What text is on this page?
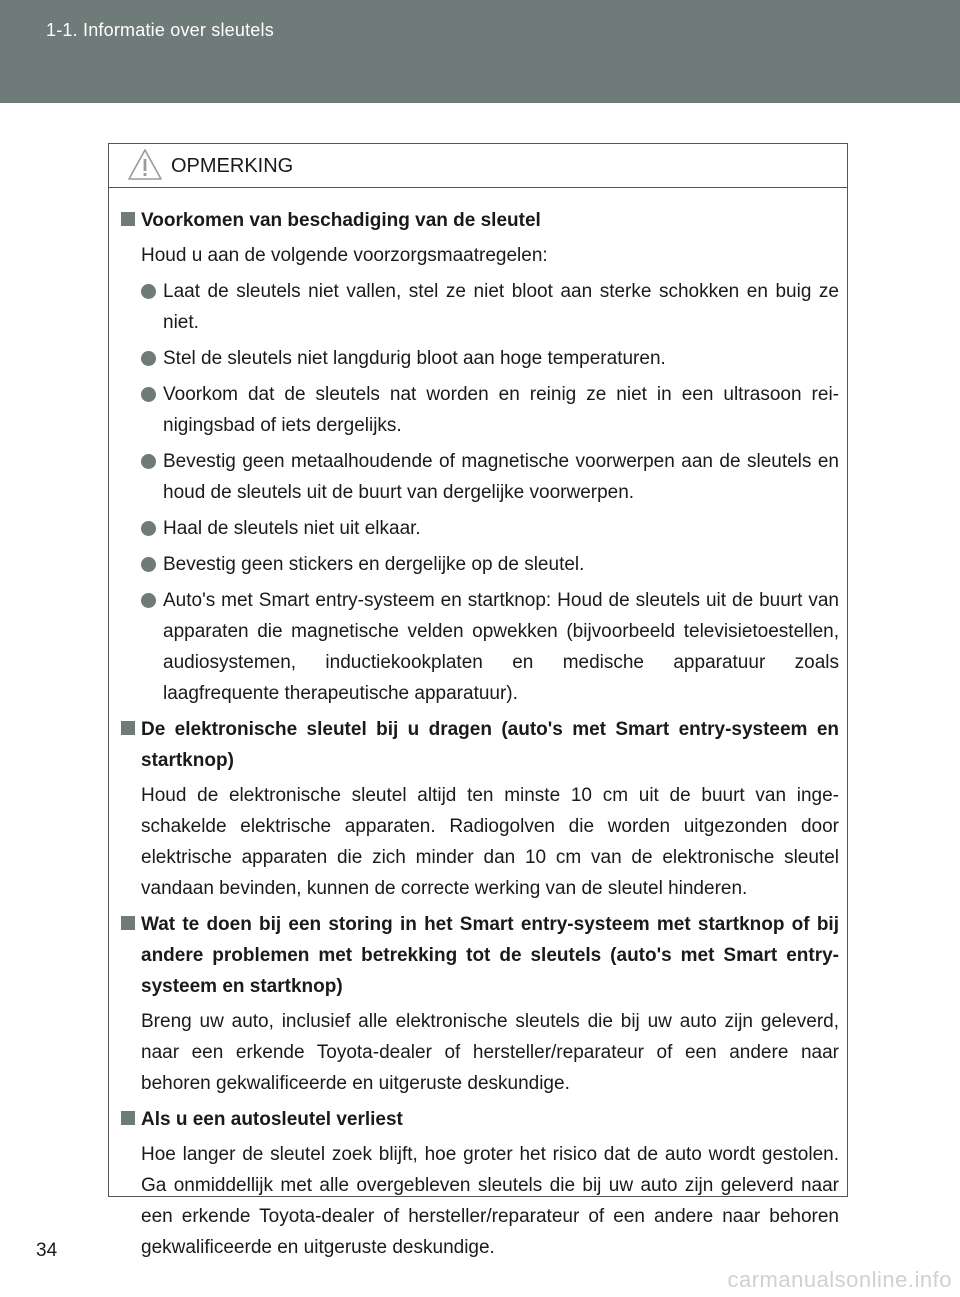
1-1. Informatie over sleutels
OPMERKING
Voorkomen van beschadiging van de sleutel
Houd u aan de volgende voorzorgsmaatregelen:
Laat de sleutels niet vallen, stel ze niet bloot aan sterke schokken en buig ze niet.
Stel de sleutels niet langdurig bloot aan hoge temperaturen.
Voorkom dat de sleutels nat worden en reinig ze niet in een ultrasoon reinigingsbad of iets dergelijks.
Bevestig geen metaalhoudende of magnetische voorwerpen aan de sleutels en houd de sleutels uit de buurt van dergelijke voorwerpen.
Haal de sleutels niet uit elkaar.
Bevestig geen stickers en dergelijke op de sleutel.
Auto's met Smart entry-systeem en startknop: Houd de sleutels uit de buurt van apparaten die magnetische velden opwekken (bijvoorbeeld televisietoestellen, audiosystemen, inductiekookplaten en medische apparatuur zoals laagfrequente therapeutische apparatuur).
De elektronische sleutel bij u dragen (auto's met Smart entry-systeem en startknop)
Houd de elektronische sleutel altijd ten minste 10 cm uit de buurt van ingeschakelde elektrische apparaten. Radiogolven die worden uitgezonden door elektrische apparaten die zich minder dan 10 cm van de elektronische sleutel vandaan bevinden, kunnen de correcte werking van de sleutel hinderen.
Wat te doen bij een storing in het Smart entry-systeem met startknop of bij andere problemen met betrekking tot de sleutels (auto's met Smart entry-systeem en startknop)
Breng uw auto, inclusief alle elektronische sleutels die bij uw auto zijn geleverd, naar een erkende Toyota-dealer of hersteller/reparateur of een andere naar behoren gekwalificeerde en uitgeruste deskundige.
Als u een autosleutel verliest
Hoe langer de sleutel zoek blijft, hoe groter het risico dat de auto wordt gestolen. Ga onmiddellijk met alle overgebleven sleutels die bij uw auto zijn geleverd naar een erkende Toyota-dealer of hersteller/reparateur of een andere naar behoren gekwalificeerde en uitgeruste deskundige.
34
carmanualsonline.info
